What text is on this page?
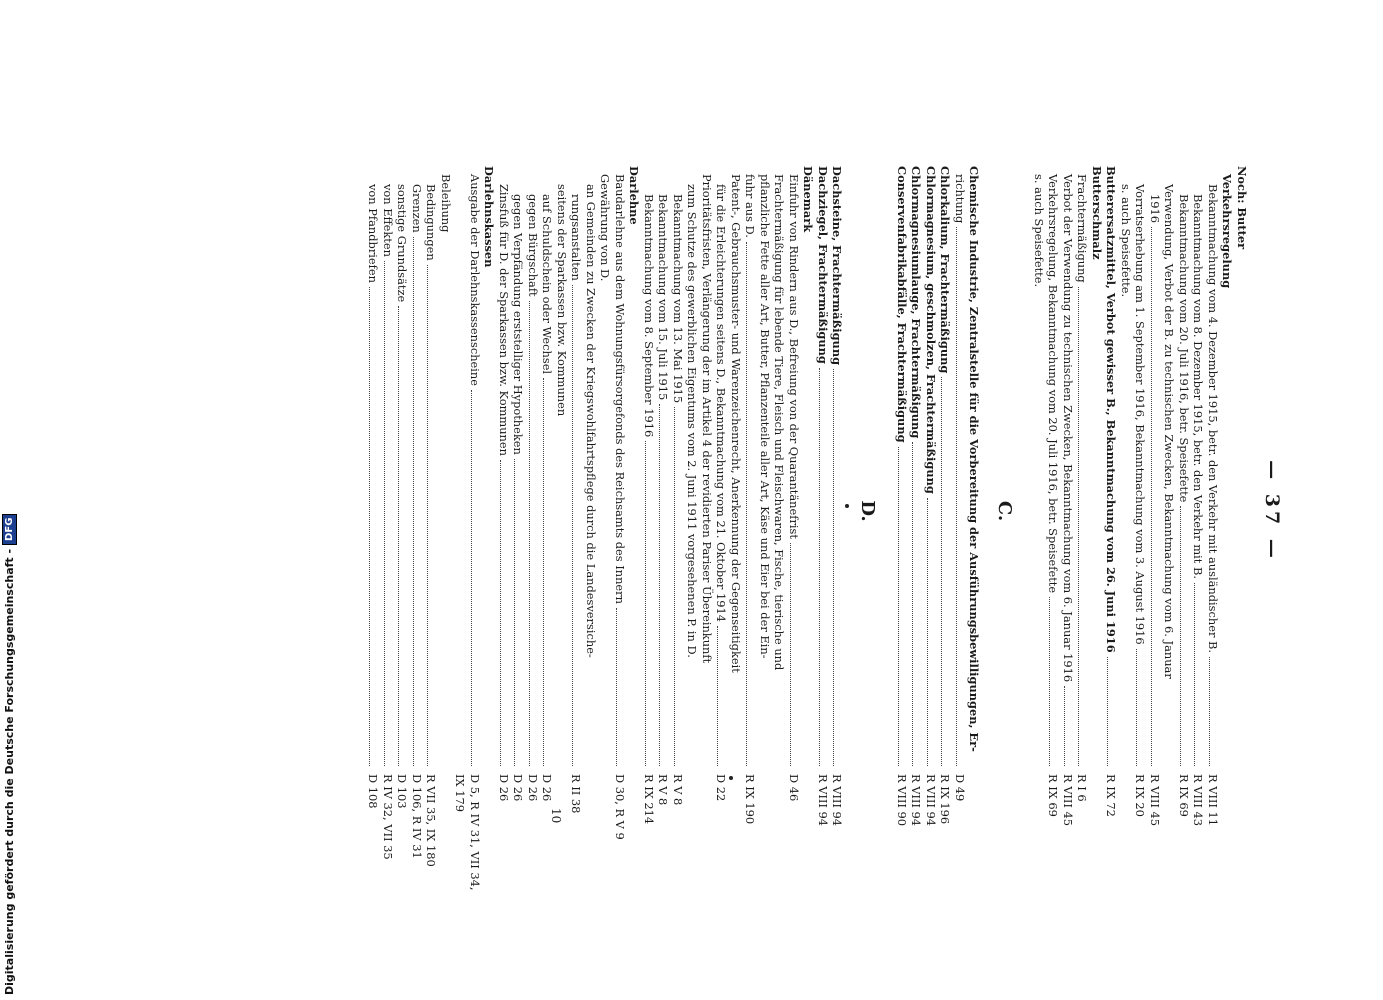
— 37 —
Noch: Butter
Verkehrsregelung
Bekanntmachung vom 4. Dezember 1915, betr. den Verkehr mit ausländischer B.
R VIII 11
Bekanntmachung vom 8. Dezember 1915, betr. den Verkehr mit B.
R VIII 43
Bekanntmachung vom 20. Juli 1916, betr. Speisefette
R IX 69
Verwendung, Verbot der B. zu technischen Zwecken, Bekanntmachung vom 6. Januar
1916
R VIII 45
Vorratserhebung am 1. September 1916, Bekanntmachung vom 3. August 1916
R IX 20
s. auch Speisefette.
Butterersatzmittel, Verbot gewisser B., Bekanntmachung vom 26. Juni 1916
R IX 72
Butterschmalz
Frachtermäßigung
R I 6
Verbot der Verwendung zu technischen Zwecken, Bekanntmachung vom 6. Januar 1916
R VIII 45
Verkehrsregelung, Bekanntmachung vom 20. Juli 1916, betr. Speisefette
R IX 69
s. auch Speisefette.
Chemische Industrie, Zentralstelle für die Vorbereitung der Ausführungsbewilligungen, Er-
richtung
D 49
Chlorkalium, Frachtermäßigung
R IX 196
Chlormagnesium, geschmolzen, Frachtermäßigung
R VIII 94
Chlormagnesiumlauge, Frachtermäßigung
R VIII 94
Conservenfabrikabfälle, Frachtermäßigung
R VIII 90
Dachsteine, Frachtermäßigung
R VIII 94
Dachziegel, Frachtermäßigung
R VIII 94
Dänemark
Einfuhr von Rindern aus D., Befreiung von der Quarantänefrist
D 46
Frachtermäßigung für lebende Tiere, Fleisch und Fleischwaren, Fische, tierische und
pflanzliche Fette aller Art, Butter, Pflanzenteile aller Art, Käse und Eier bei der Ein-
fuhr aus D.
R IX 190
Patent-, Gebrauchsmuster- und Warenzeichenrecht, Anerkennung der Gegenseitigkeit
für die Erleichterungen seitens D., Bekanntmachung vom 21. Oktober 1914
D 22
Prioritätsfristen, Verlängerung der im Artikel 4 der revidierten Pariser Übereinkunft
zum Schutze des gewerblichen Eigentums vom 2. Juni 1911 vorgesehenen P. in D.
Bekanntmachung vom 13. Mai 1915
R V 8
Bekanntmachung vom 15. Juli 1915
R V 8
Bekanntmachung vom 8. September 1916
R IX 214
Darlehne
Baudarlehne aus dem Wohnungsfürsorgefonds des Reichsamts des Innern
D 30, R V 9
Gewährung von D.
an Gemeinden zu Zwecken der Kriegswohlfahrtspflege durch die Landesversiche-
rungsanstalten
R II 38
seitens der Sparkassen bzw. Kommunen
auf Schuldschein oder Wechsel
D 26
gegen Bürgschaft
D 26
gegen Verpfändung erststelliger Hypotheken
D 26
Zinsfuß für D. der Sparkassen bzw. Kommunen
D 26
Darlehnskassen
Ausgabe der Darlehnskassenscheine
D 5, R IV 31, VII 34,
IX 179
Beleihung
Bedingungen
R VII 35, IX 180
Grenzen
D 106, R IV 31
sonstige Grundsätze
D 103
von Effekten
R IV 32, VII 35
von Pfandbriefen
D 108
10
C.
D.
Digitalisierung gefördert durch die Deutsche Forschungsgemeinschaft -
DFG
